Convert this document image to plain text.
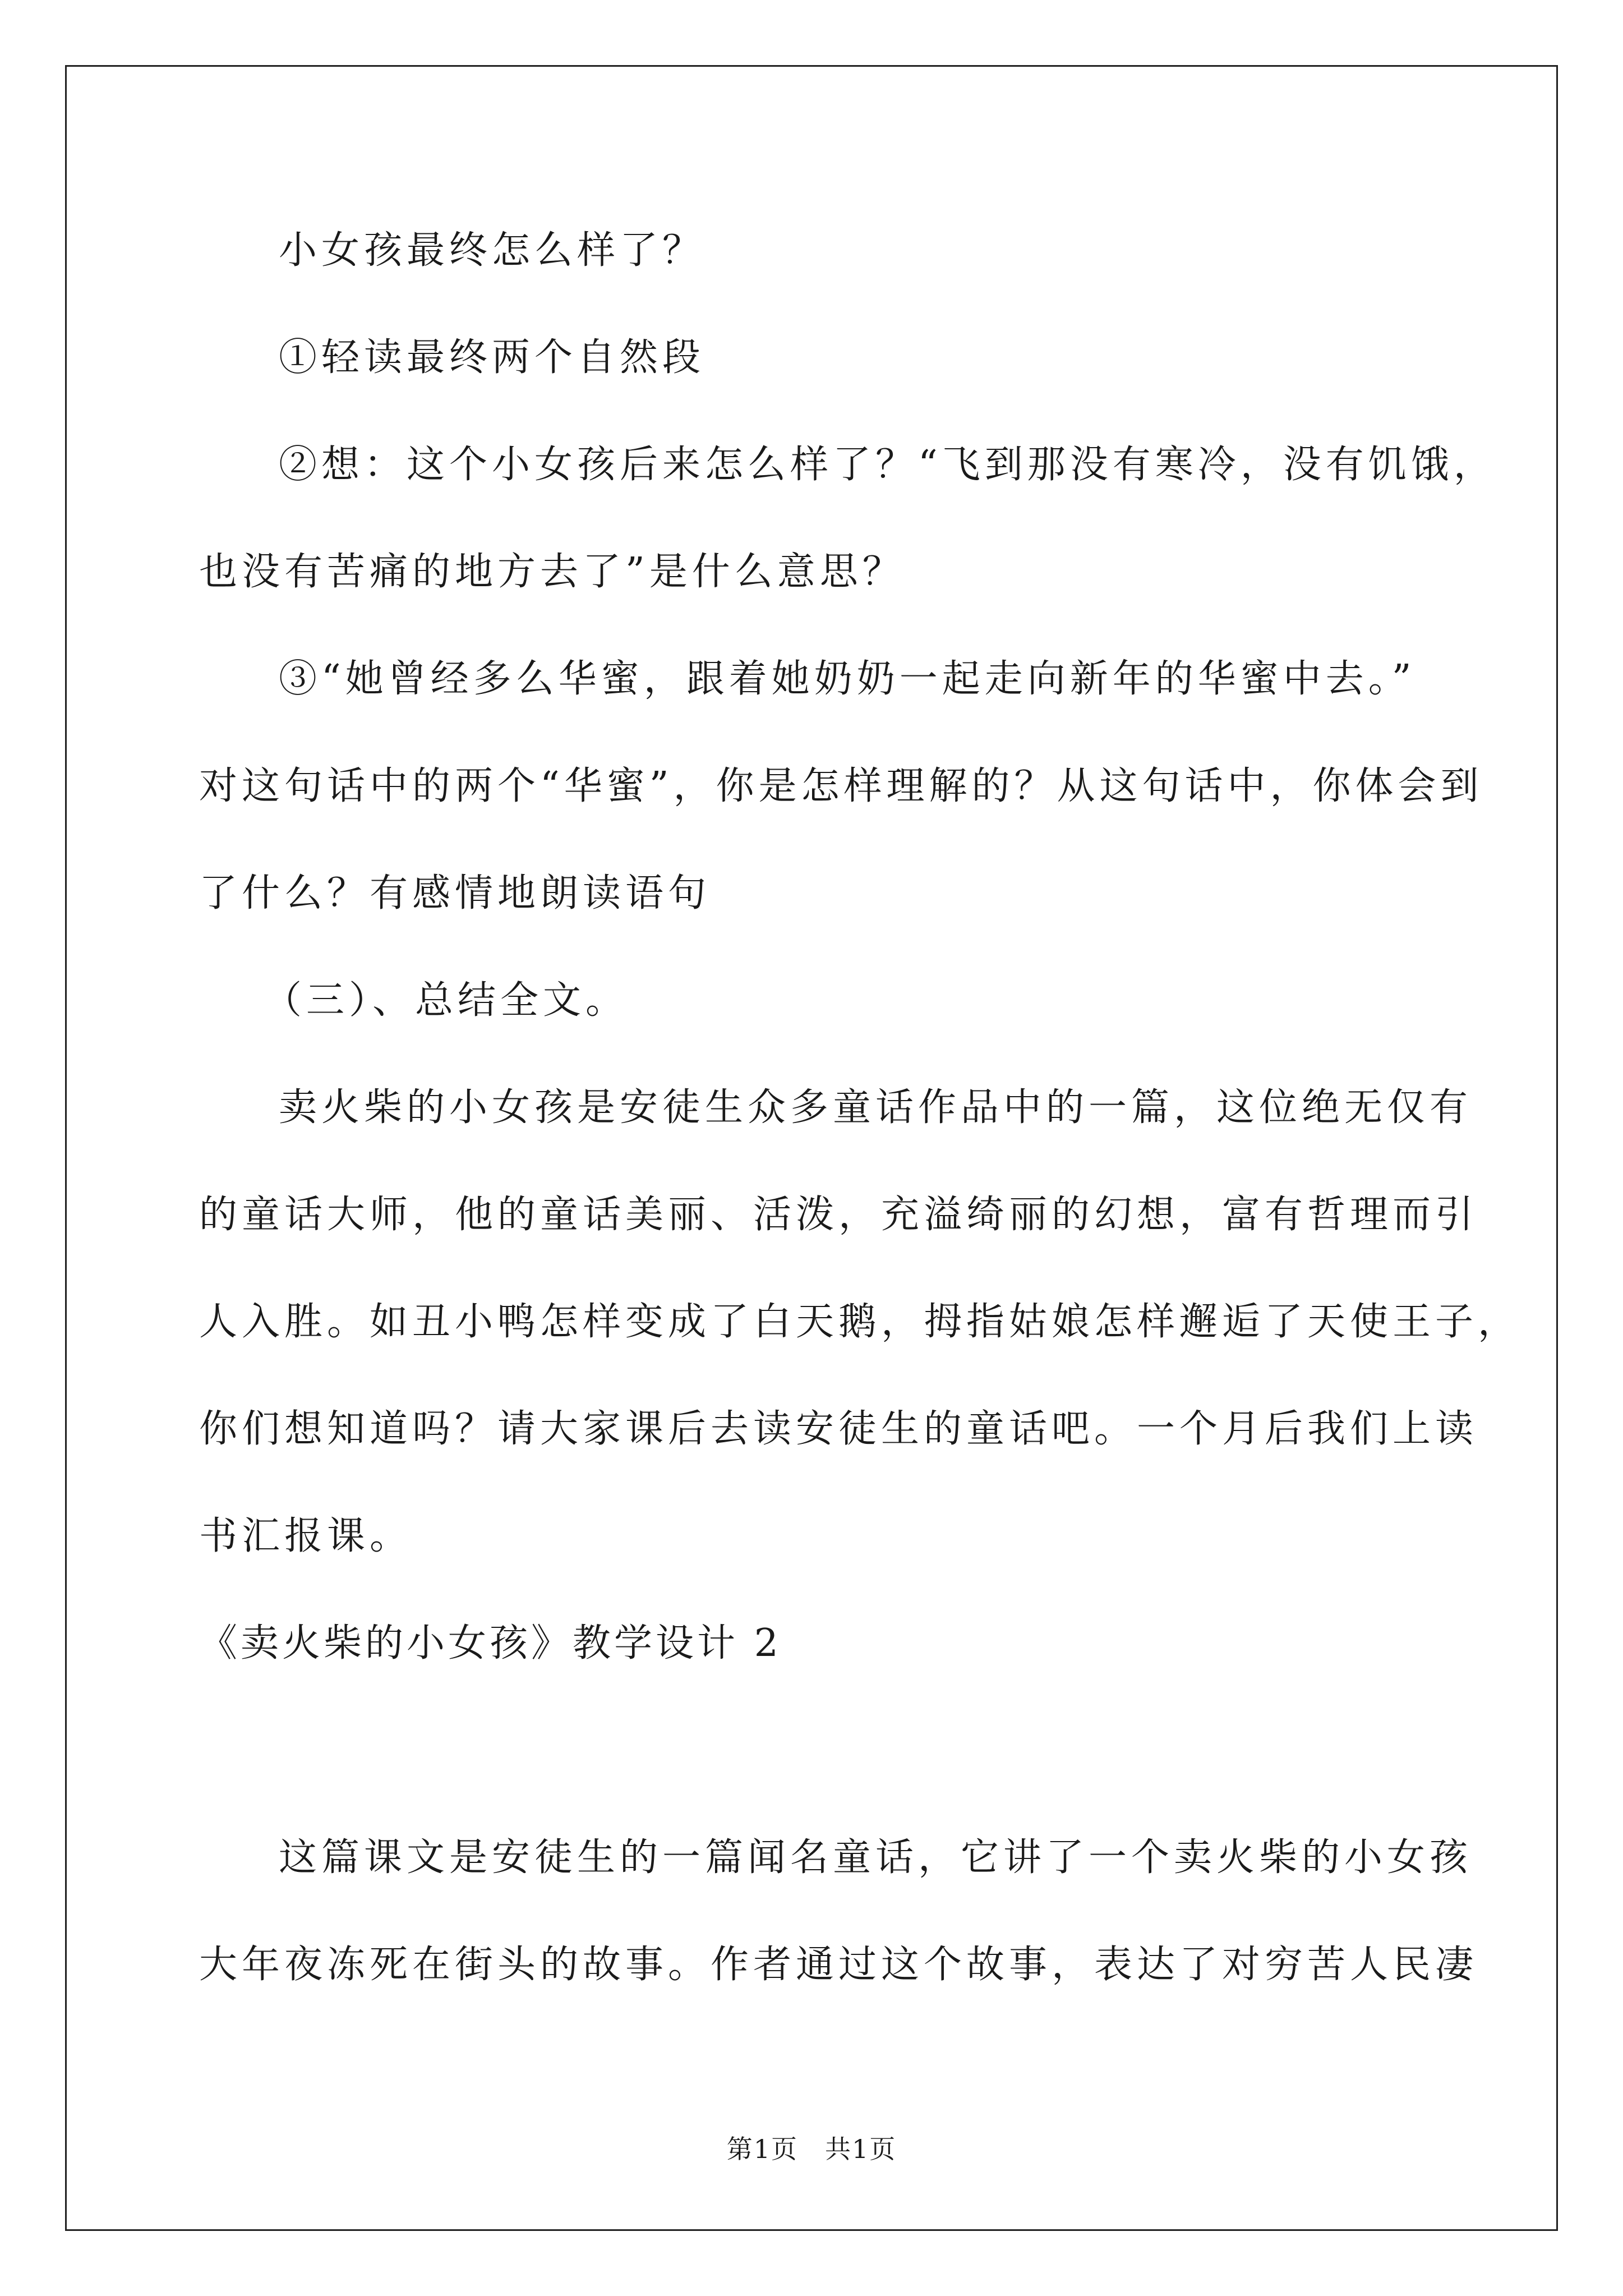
小女孩最终怎么样了？
①轻读最终两个自然段
②想：这个小女孩后来怎么样了？“飞到那没有寒冷，没有饥饿，
也没有苦痛的地方去了”是什么意思？
③“她曾经多么华蜜，跟着她奶奶一起走向新年的华蜜中去。”
对这句话中的两个“华蜜”，你是怎样理解的？从这句话中，你体会到
了什么？有感情地朗读语句
（三）、总结全文。
卖火柴的小女孩是安徒生众多童话作品中的一篇，这位绝无仅有
的童话大师，他的童话美丽、活泼，充溢绮丽的幻想，富有哲理而引
人入胜。如丑小鸭怎样变成了白天鹅，拇指姑娘怎样邂逅了天使王子，
你们想知道吗？请大家课后去读安徒生的童话吧。一个月后我们上读
书汇报课。
《卖火柴的小女孩》教学设计 2
这篇课文是安徒生的一篇闻名童话，它讲了一个卖火柴的小女孩
大年夜冻死在街头的故事。作者通过这个故事，表达了对穷苦人民凄
第1页　共1页
